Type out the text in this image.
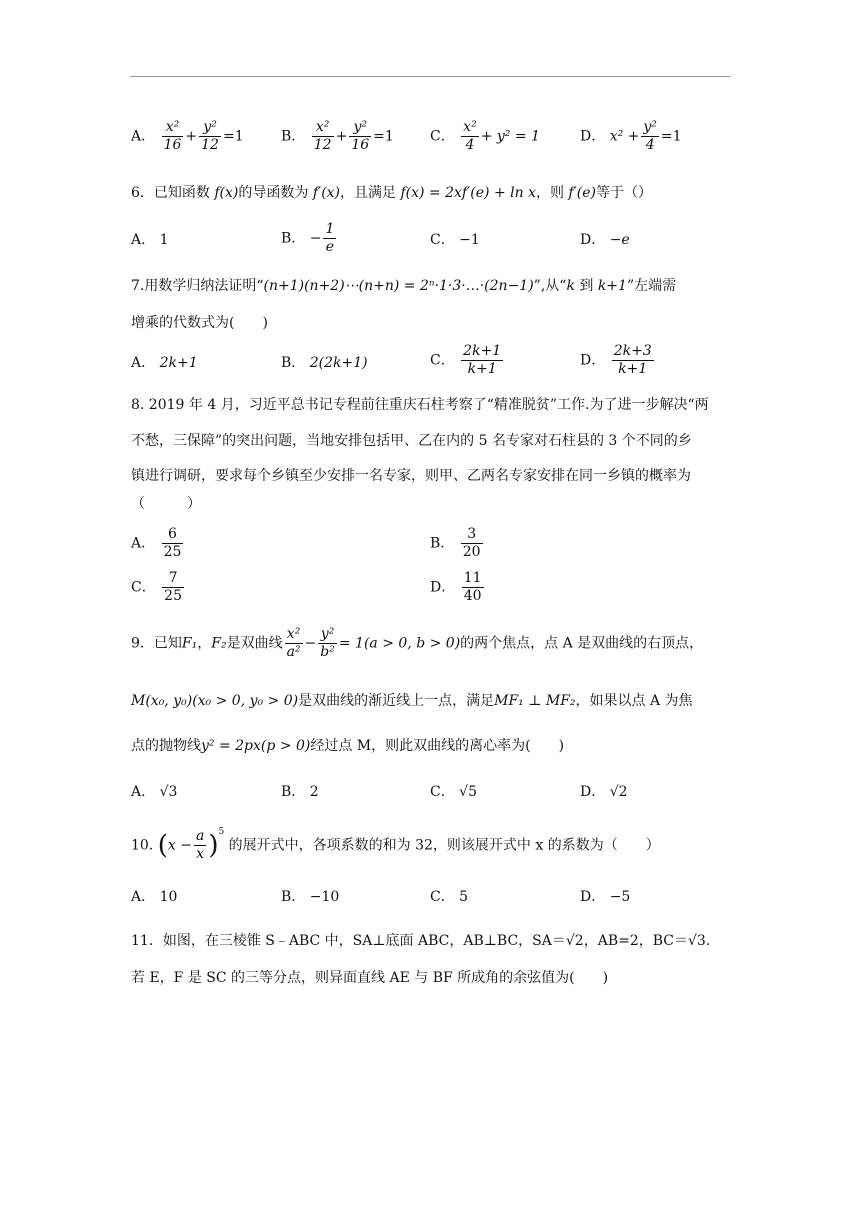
A． $\frac{\text{x²}}{16} + \frac{\text{y²}}{12} =1$	B． $\frac{\text{x²}}{12} + \frac{\text{y²}}{16} =1$	C． $\frac{\text{x²}}{4} + y^2 = 1$	D． $x^2 + \frac{\text{y²}}{4} =1$
6．已知函数 f(x)的导函数为 f′(x)，且满足 f(x) = 2xf′(e) + ln x，则 f′(e)等于（）
A． 1	B． − $\frac{1}{e}$	C． −1	D． −e
7.用数学归纳法证明“(n+1)(n+2)⋯(n+n) = 2ⁿ·1·3·…·(2n−1)”,从“k 到 k+1”左端需
增乘的代数式为(　　)
A． 2k+1	B． 2(2k+1)	C． $\frac{2k+1}{k+1}$	D． $\frac{2k+3}{k+1}$
8. 2019 年 4 月，习近平总书记专程前往重庆石柱考察了“精准脱贫”工作.为了进一步解决“两
不愁，三保障”的突出问题，当地安排包括甲、乙在内的 5 名专家对石柱县的 3 个不同的乡
镇进行调研，要求每个乡镇至少安排一名专家，则甲、乙两名专家安排在同一乡镇的概率为
（　　　）
A． $\frac{6}{25}$	B． $\frac{3}{20}$
C． $\frac{7}{25}$	D． $\frac{11}{40}$
9．已知F₁，F₂是双曲线 $\frac{\text{x²}}{\text{a²}} - \frac{\text{y²}}{\text{b²}} = 1(a > 0$, b > 0)的两个焦点，点 A 是双曲线的右顶点，
M(x₀, y₀)(x₀ > 0, y₀ > 0)是双曲线的渐近线上一点，满足MF₁ ⊥ MF₂，如果以点 A 为焦
点的抛物线y² = 2px(p > 0)经过点 M，则此双曲线的离心率为(　　)
A． √3	B． 2	C． √5	D． √2
10. $(x - \frac{a}{x} )^5$ 的展开式中，各项系数的和为 32，则该展开式中 x 的系数为（　　）
A． 10	B． −10	C． 5	D． −5
11．如图，在三棱锥 S﹣ABC 中，SA⊥底面 ABC，AB⊥BC，SA＝√2，AB=2，BC＝√3.
若 E，F 是 SC 的三等分点，则异面直线 AE 与 BF 所成角的余弦值为(　　)
